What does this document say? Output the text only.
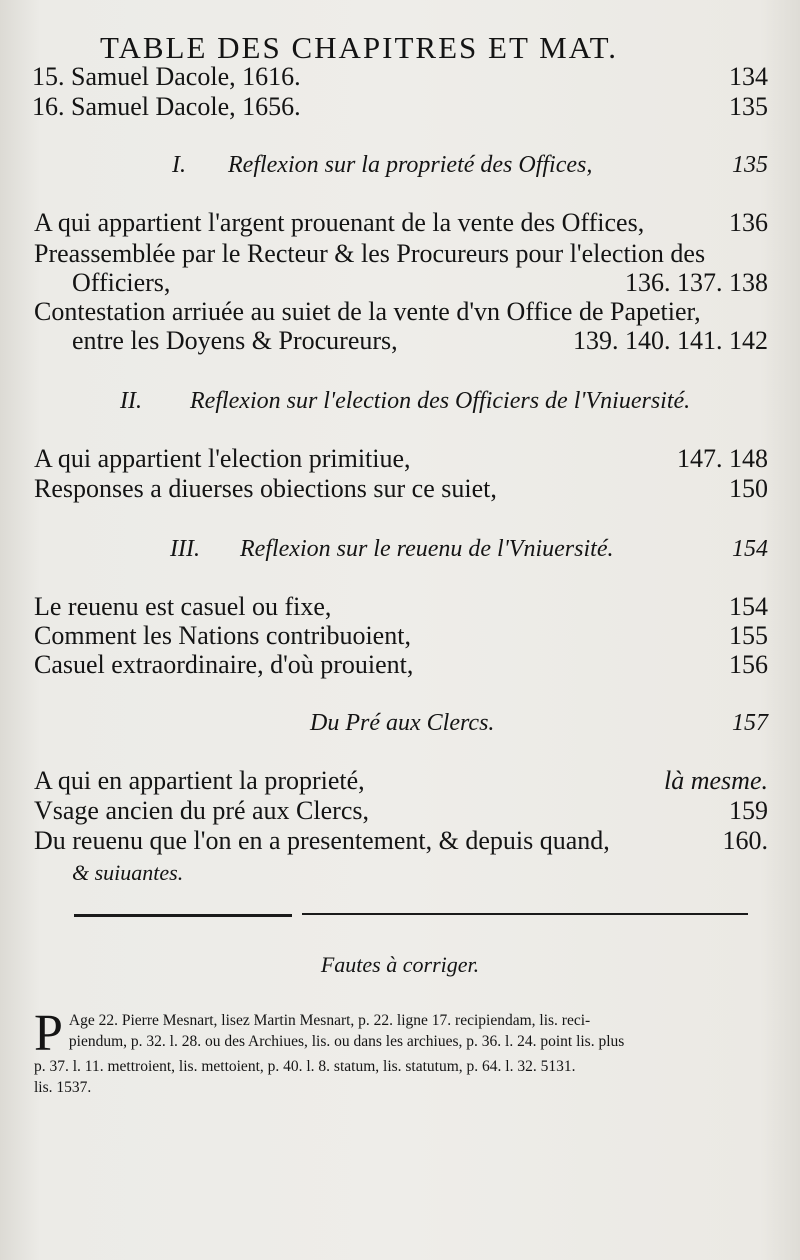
TABLE DES CHAPITRES ET MAT.
15. Samuel Dacole, 1616.	134
16. Samuel Dacole, 1656.	135
I. Reflexion sur la proprieté des Offices,	135
A qui appartient l'argent prouenant de la vente des Offices,	136
Preassemblée par le Recteur & les Procureurs pour l'election des
Officiers,	136. 137. 138
Contestation arriuée au suiet de la vente d'vn Office de Papetier,
entre les Doyens & Procureurs,	139. 140. 141. 142
II. Reflexion sur l'election des Officiers de l'Vniuersité.
A qui appartient l'election primitiue,	147. 148
Responses a diuerses obiections sur ce suiet,	150
III. Reflexion sur le reuenu de l'Vniuersité.	154
Le reuenu est casuel ou fixe,	154
Comment les Nations contribuoient,	155
Casuel extraordinaire, d'où prouient,	156
Du Pré aux Clercs.	157
A qui en appartient la proprieté,	là mesme.
Vsage ancien du pré aux Clercs,	159
Du reuenu que l'on en a presentement, & depuis quand,	160.
& suiuantes.
Fautes à corriger.
P Age 22. Pierre Mesnart, lisez Martin Mesnart, p. 22. ligne 17. recipiendam, lis. reci-
piendum, p. 32. l. 28. ou des Archiues, lis. ou dans les archiues, p. 36. l. 24. point lis. plus
p. 37. l. 11. mettroient, lis. mettoient, p. 40. l. 8. statum, lis. statutum, p. 64. l. 32. 5131.
lis. 1537.
